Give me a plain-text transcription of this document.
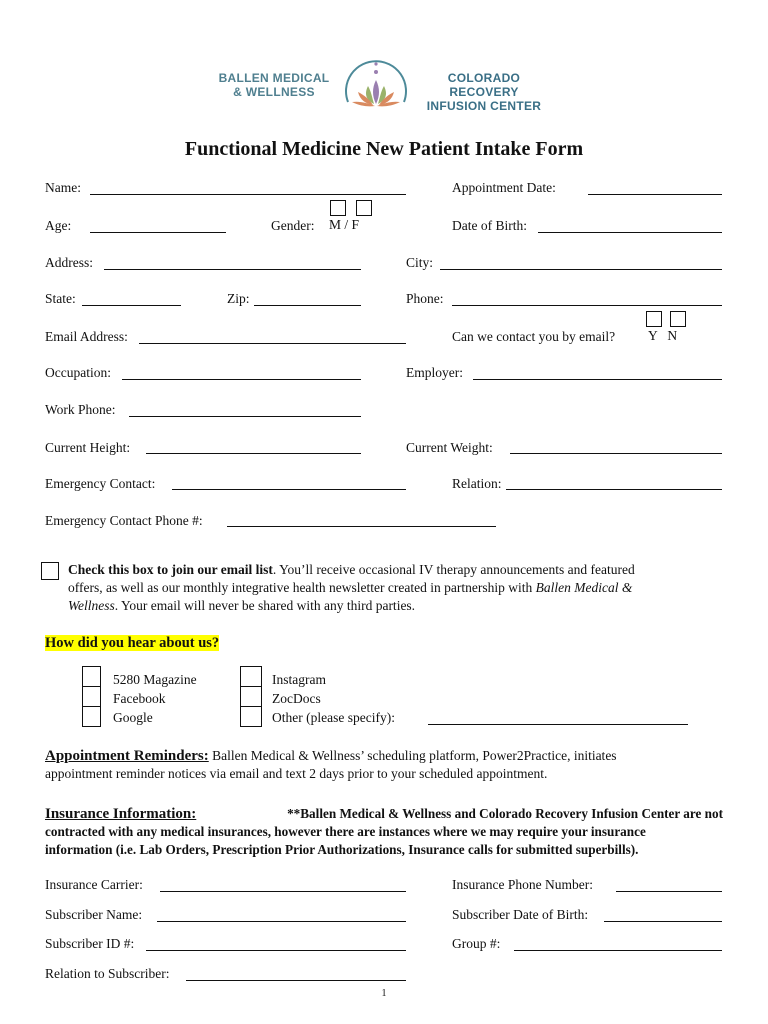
BALLEN MEDICAL
& WELLNESS
COLORADO RECOVERY
INFUSION CENTER
Functional Medicine New Patient Intake Form
Name:	Appointment Date:
Age:	Gender: M / F	Date of Birth:
Address:	City:
State:	Zip:	Phone:
Email Address:	Can we contact you by email? Y   N
Occupation:	Employer:
Work Phone:
Current Height:	Current Weight:
Emergency Contact:	Relation:
Emergency Contact Phone #:
Check this box to join our email list. You’ll receive occasional IV therapy announcements and featured
offers, as well as our monthly integrative health newsletter created in partnership with Ballen Medical &
Wellness. Your email will never be shared with any third parties.
How did you hear about us?
5280 Magazine
Facebook
Google
Instagram
ZocDocs
Other (please specify):
Appointment Reminders: Ballen Medical & Wellness’ scheduling platform, Power2Practice, initiates
appointment reminder notices via email and text 2 days prior to your scheduled appointment.
Insurance Information:	**Ballen Medical & Wellness and Colorado Recovery Infusion Center are not
contracted with any medical insurances, however there are instances where we may require your insurance
information (i.e. Lab Orders, Prescription Prior Authorizations, Insurance calls for submitted superbills).
Insurance Carrier:	Insurance Phone Number:
Subscriber Name:	Subscriber Date of Birth:
Subscriber ID #:	Group #:
Relation to Subscriber:
1
